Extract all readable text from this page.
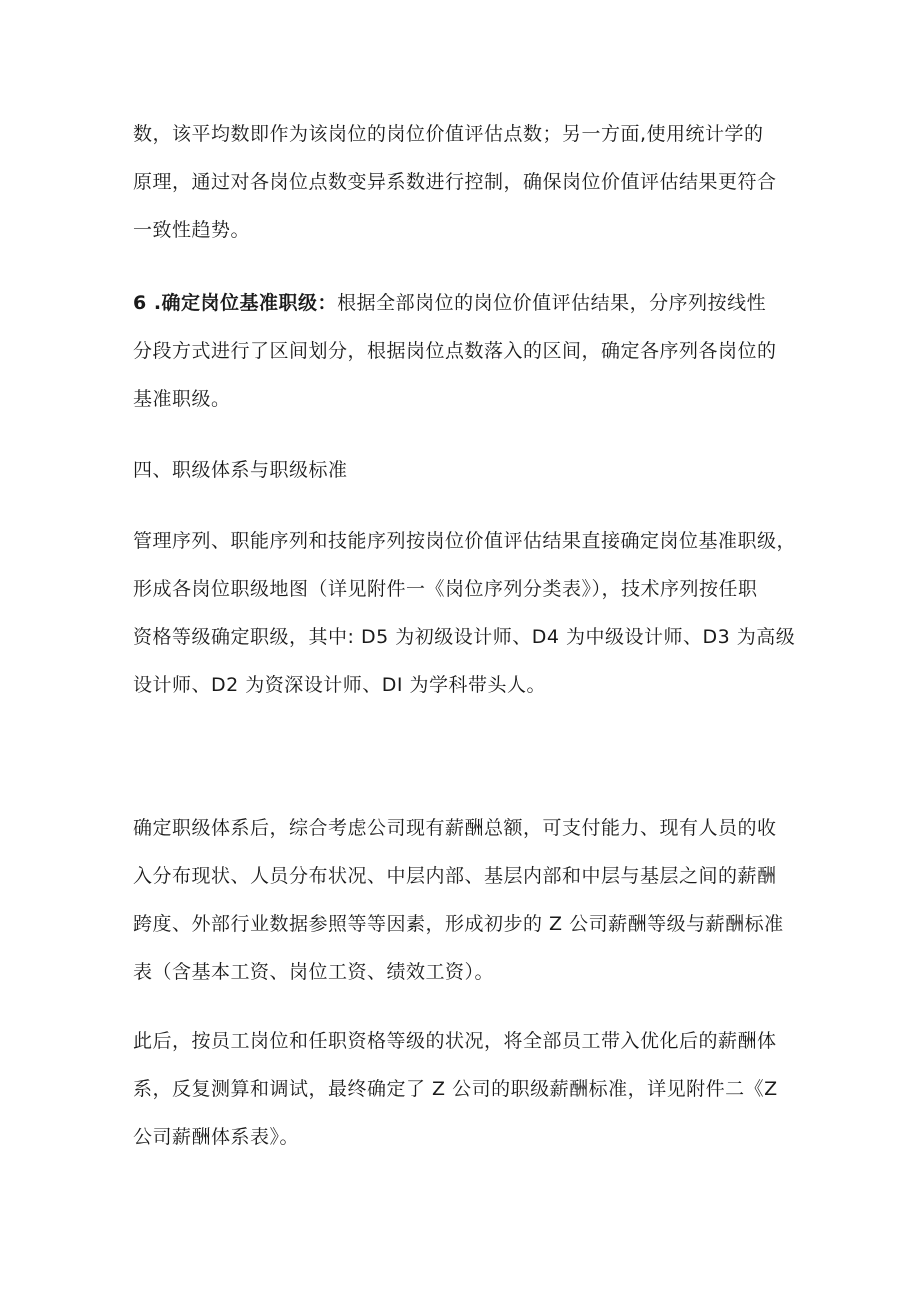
数，该平均数即作为该岗位的岗位价值评估点数；另一方面,使用统计学的
原理，通过对各岗位点数变异系数进行控制，确保岗位价值评估结果更符合
一致性趋势。

6 .确定岗位基准职级：根据全部岗位的岗位价值评估结果，分序列按线性
分段方式进行了区间划分，根据岗位点数落入的区间，确定各序列各岗位的
基准职级。

四、职级体系与职级标准

管理序列、职能序列和技能序列按岗位价值评估结果直接确定岗位基准职级，
形成各岗位职级地图（详见附件一《岗位序列分类表》），技术序列按任职
资格等级确定职级，其中: D5 为初级设计师、D4 为中级设计师、D3 为高级
设计师、D2 为资深设计师、DI 为学科带头人。

确定职级体系后，综合考虑公司现有薪酬总额，可支付能力、现有人员的收
入分布现状、人员分布状况、中层内部、基层内部和中层与基层之间的薪酬
跨度、外部行业数据参照等等因素，形成初步的 Z 公司薪酬等级与薪酬标准
表（含基本工资、岗位工资、绩效工资）。

此后，按员工岗位和任职资格等级的状况，将全部员工带入优化后的薪酬体
系，反复测算和调试，最终确定了 Z 公司的职级薪酬标准，详见附件二《Z
公司薪酬体系表》。
